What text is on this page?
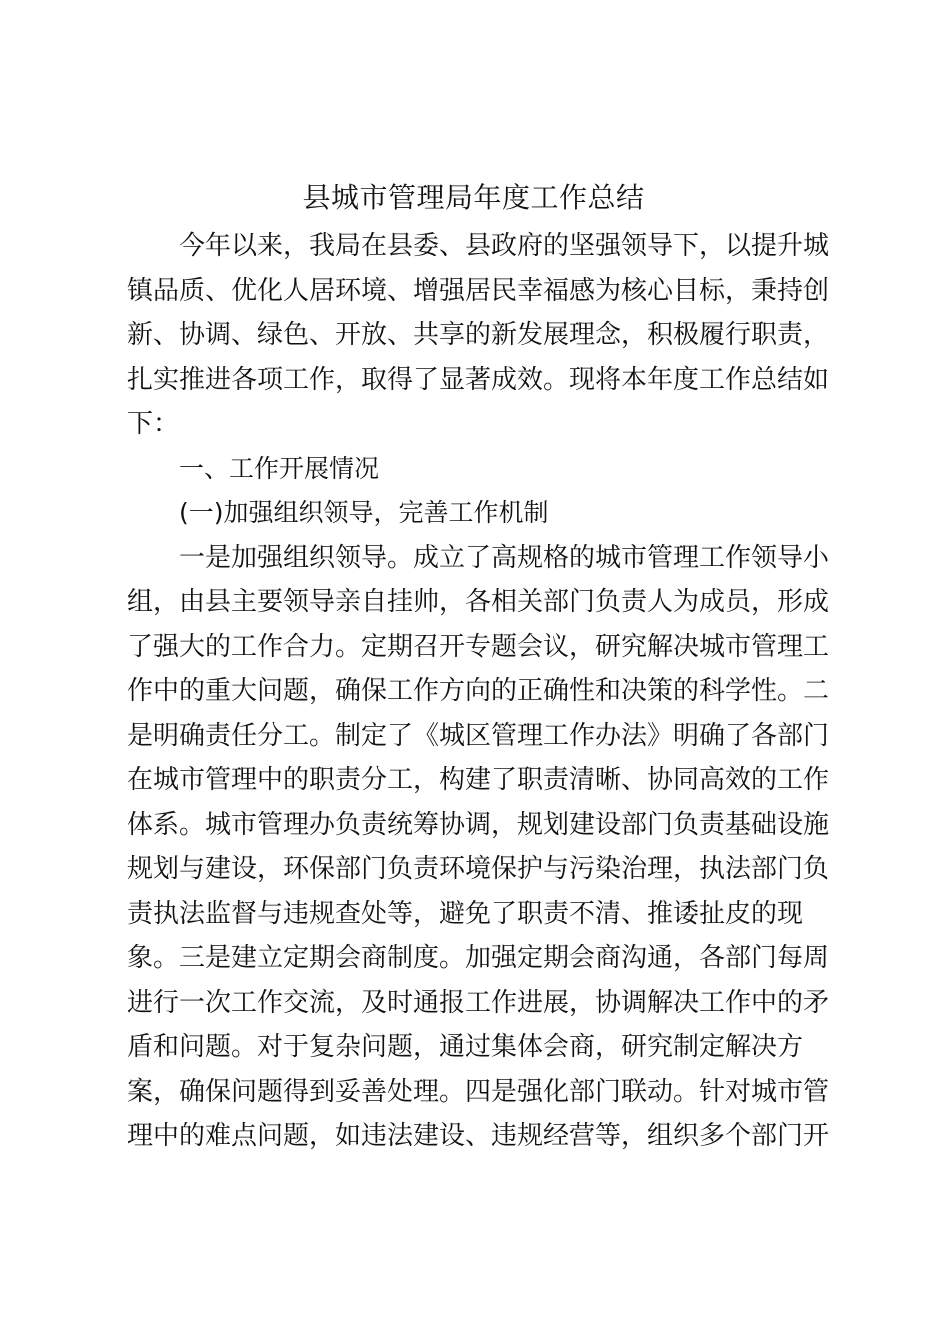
县城市管理局年度工作总结
今年以来，我局在县委、县政府的坚强领导下，以提升城
镇品质、优化人居环境、增强居民幸福感为核心目标，秉持创
新、协调、绿色、开放、共享的新发展理念，积极履行职责，
扎实推进各项工作，取得了显著成效。现将本年度工作总结如
下：
一、工作开展情况
(一)加强组织领导，完善工作机制
一是加强组织领导。成立了高规格的城市管理工作领导小
组，由县主要领导亲自挂帅，各相关部门负责人为成员，形成
了强大的工作合力。定期召开专题会议，研究解决城市管理工
作中的重大问题，确保工作方向的正确性和决策的科学性。二
是明确责任分工。制定了《城区管理工作办法》明确了各部门
在城市管理中的职责分工，构建了职责清晰、协同高效的工作
体系。城市管理办负责统筹协调，规划建设部门负责基础设施
规划与建设，环保部门负责环境保护与污染治理，执法部门负
责执法监督与违规查处等，避免了职责不清、推诿扯皮的现
象。三是建立定期会商制度。加强定期会商沟通，各部门每周
进行一次工作交流，及时通报工作进展，协调解决工作中的矛
盾和问题。对于复杂问题，通过集体会商，研究制定解决方
案，确保问题得到妥善处理。四是强化部门联动。针对城市管
理中的难点问题，如违法建设、违规经营等，组织多个部门开
